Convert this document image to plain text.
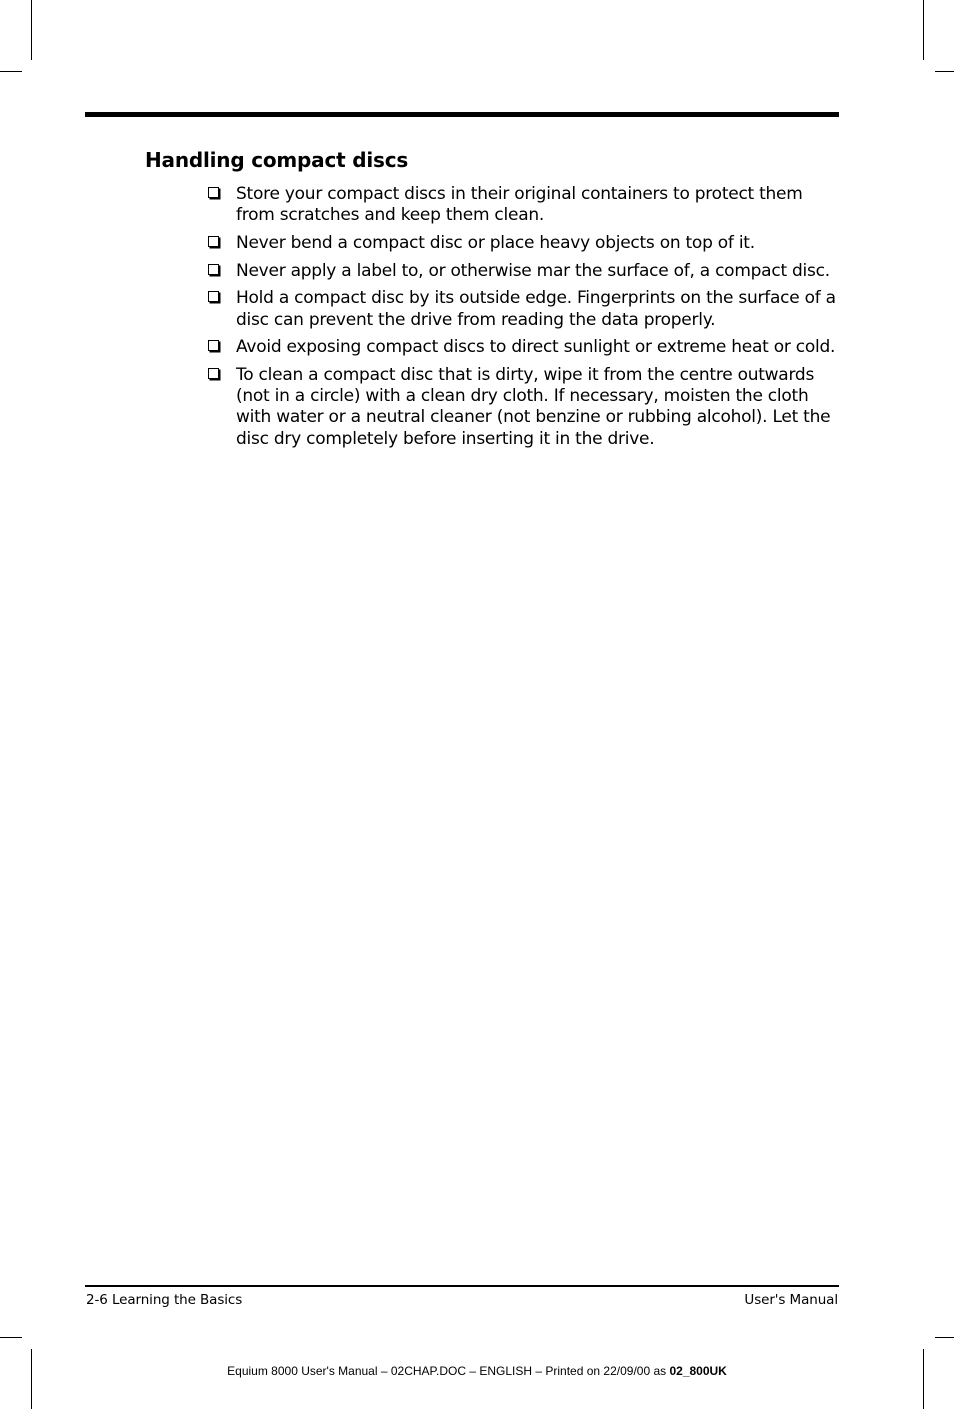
Handling compact discs
Store your compact discs in their original containers to protect them from scratches and keep them clean.
Never bend a compact disc or place heavy objects on top of it.
Never apply a label to, or otherwise mar the surface of, a compact disc.
Hold a compact disc by its outside edge. Fingerprints on the surface of a disc can prevent the drive from reading the data properly.
Avoid exposing compact discs to direct sunlight or extreme heat or cold.
To clean a compact disc that is dirty, wipe it from the centre outwards (not in a circle) with a clean dry cloth. If necessary, moisten the cloth with water or a neutral cleaner (not benzine or rubbing alcohol). Let the disc dry completely before inserting it in the drive.
2-6 Learning the Basics	User's Manual
Equium 8000 User's Manual – 02CHAP.DOC – ENGLISH – Printed on 22/09/00 as 02_800UK
